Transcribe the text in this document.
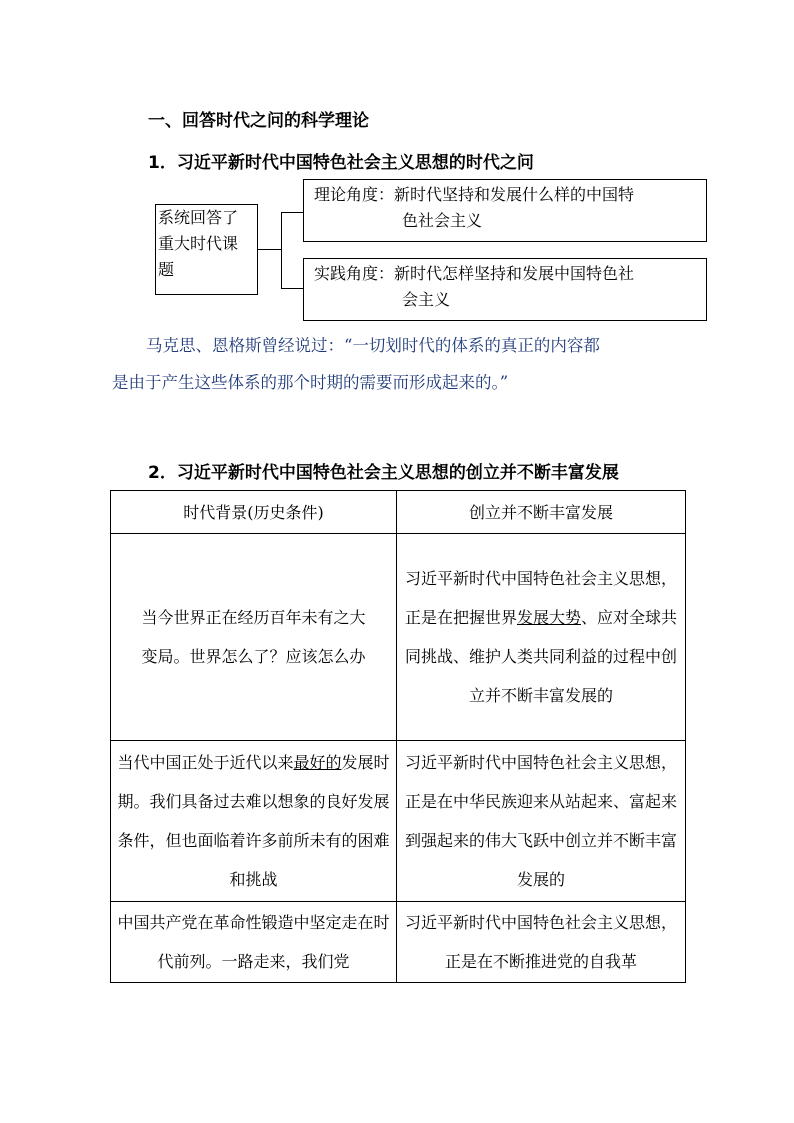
一、回答时代之问的科学理论
1．习近平新时代中国特色社会主义思想的时代之问
系统回答了
重大时代课
题
理论角度：新时代坚持和发展什么样的中国特
色社会主义
实践角度：新时代怎样坚持和发展中国特色社
会主义
马克思、恩格斯曾经说过：“一切划时代的体系的真正的内容都
是由于产生这些体系的那个时期的需要而形成起来的。”
2．习近平新时代中国特色社会主义思想的创立并不断丰富发展
时代背景(历史条件)	创立并不断丰富发展

当今世界正在经历百年未有之大
变局。世界怎么了？应该怎么办	习近平新时代中国特色社会主义思想，正是在把握世界发展大势、应对全球共同挑战、维护人类共同利益的过程中创立并不断丰富发展的
当代中国正处于近代以来最好的发展时期。我们具备过去难以想象的良好发展条件，但也面临着许多前所未有的困难和挑战	习近平新时代中国特色社会主义思想，正是在中华民族迎来从站起来、富起来到强起来的伟大飞跃中创立并不断丰富发展的
中国共产党在革命性锻造中坚定走在时代前列。一路走来，我们党	习近平新时代中国特色社会主义思想，正是在不断推进党的自我革
